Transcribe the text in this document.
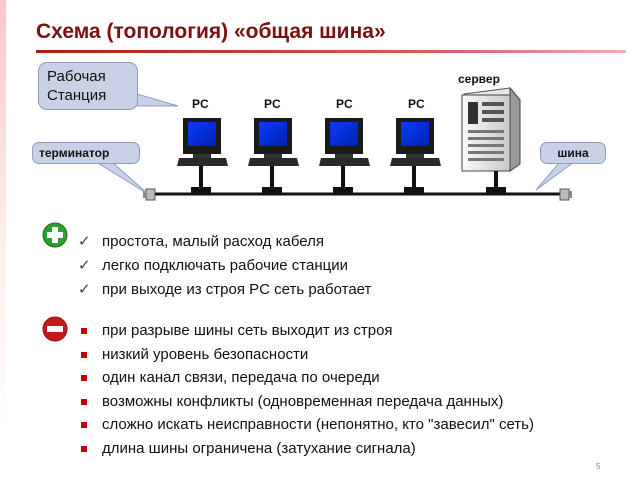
Схема (топология) «общая шина»
Рабочая
Станция
терминатор	шина
сервер
PC	PC	PC	PC
✓ простота, малый расход кабеля
✓ легко подключать рабочие станции
✓ при выходе из строя PC сеть работает
при разрыве шины сеть выходит из строя
низкий уровень безопасности
один канал связи, передача по очереди
возможны конфликты (одновременная передача данных)
сложно искать неисправности (непонятно, кто "завесил" сеть)
длина шины ограничена (затухание сигнала)
5
